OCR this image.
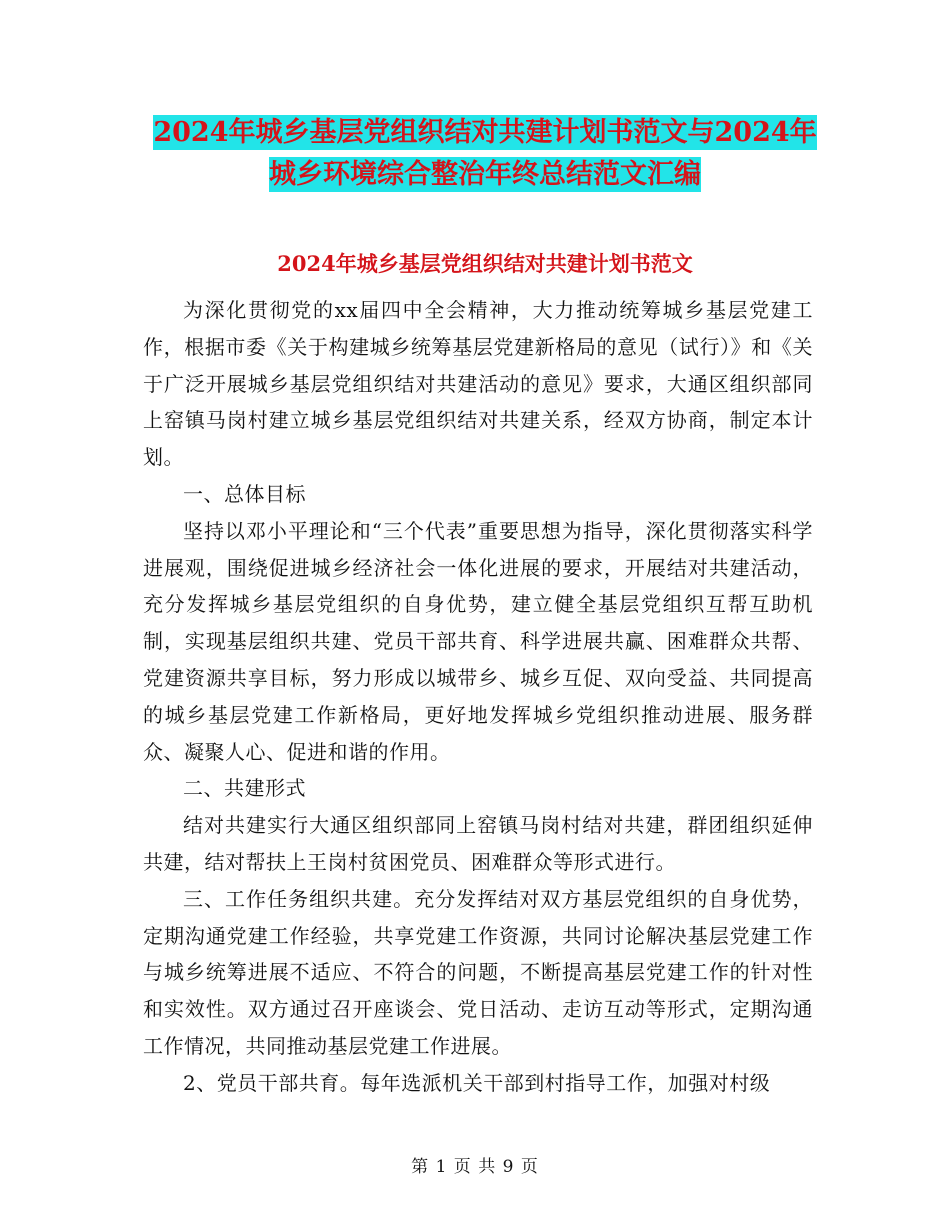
2024年城乡基层党组织结对共建计划书范文与2024年
城乡环境综合整治年终总结范文汇编
2024年城乡基层党组织结对共建计划书范文

为深化贯彻党的xx届四中全会精神，大力推动统筹城乡基层党建工作，根据市委《关于构建城乡统筹基层党建新格局的意见（试行）》和《关于广泛开展城乡基层党组织结对共建活动的意见》要求，大通区组织部同上窑镇马岗村建立城乡基层党组织结对共建关系，经双方协商，制定本计划。

一、总体目标

坚持以邓小平理论和“三个代表”重要思想为指导，深化贯彻落实科学进展观，围绕促进城乡经济社会一体化进展的要求，开展结对共建活动，充分发挥城乡基层党组织的自身优势，建立健全基层党组织互帮互助机制，实现基层组织共建、党员干部共育、科学进展共赢、困难群众共帮、党建资源共享目标，努力形成以城带乡、城乡互促、双向受益、共同提高的城乡基层党建工作新格局，更好地发挥城乡党组织推动进展、服务群众、凝聚人心、促进和谐的作用。

二、共建形式

结对共建实行大通区组织部同上窑镇马岗村结对共建，群团组织延伸共建，结对帮扶上王岗村贫困党员、困难群众等形式进行。

三、工作任务组织共建。充分发挥结对双方基层党组织的自身优势，定期沟通党建工作经验，共享党建工作资源，共同讨论解决基层党建工作与城乡统筹进展不适应、不符合的问题，不断提高基层党建工作的针对性和实效性。双方通过召开座谈会、党日活动、走访互动等形式，定期沟通工作情况，共同推动基层党建工作进展。

2、党员干部共育。每年选派机关干部到村指导工作，加强对村级

第 1 页 共 9 页
